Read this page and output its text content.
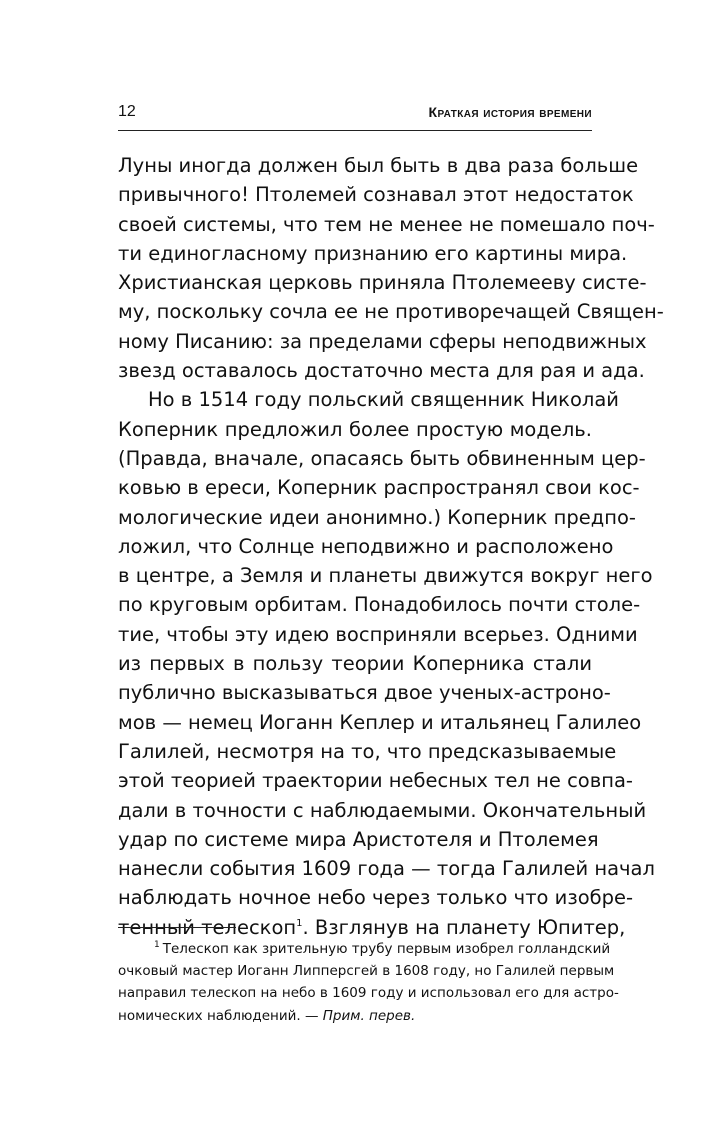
12	Краткая история времени
Луны иногда должен был быть в два раза больше
привычного! Птолемей сознавал этот недостаток
своей системы, что тем не менее не помешало поч-
ти единогласному признанию его картины мира.
Христианская церковь приняла Птолемееву систе-
му, поскольку сочла ее не противоречащей Священ-
ному Писанию: за пределами сферы неподвижных
звезд оставалось достаточно места для рая и ада.
Но в 1514 году польский священник Николай
Коперник предложил более простую модель.
(Правда, вначале, опасаясь быть обвиненным цер-
ковью в ереси, Коперник распространял свои кос-
мологические идеи анонимно.) Коперник предпо-
ложил, что Солнце неподвижно и расположено
в центре, а Земля и планеты движутся вокруг него
по круговым орбитам. Понадобилось почти столе-
тие, чтобы эту идею восприняли всерьез. Одними
из первых в пользу теории Коперника стали
публично высказываться двое ученых-астроно-
мов — немец Иоганн Кеплер и итальянец Галилео
Галилей, несмотря на то, что предсказываемые
этой теорией траектории небесных тел не совпа-
дали в точности с наблюдаемыми. Окончательный
удар по системе мира Аристотеля и Птолемея
нанесли события 1609 года — тогда Галилей начал
наблюдать ночное небо через только что изобре-
тенный телескоп$^1$. Взглянув на планету Юпитер,
$^1$ Телескоп как зрительную трубу первым изобрел голландский
очковый мастер Иоганн Липперсгей в 1608 году, но Галилей первым
направил телескоп на небо в 1609 году и использовал его для астро-
номических наблюдений. — Прим. перев.
